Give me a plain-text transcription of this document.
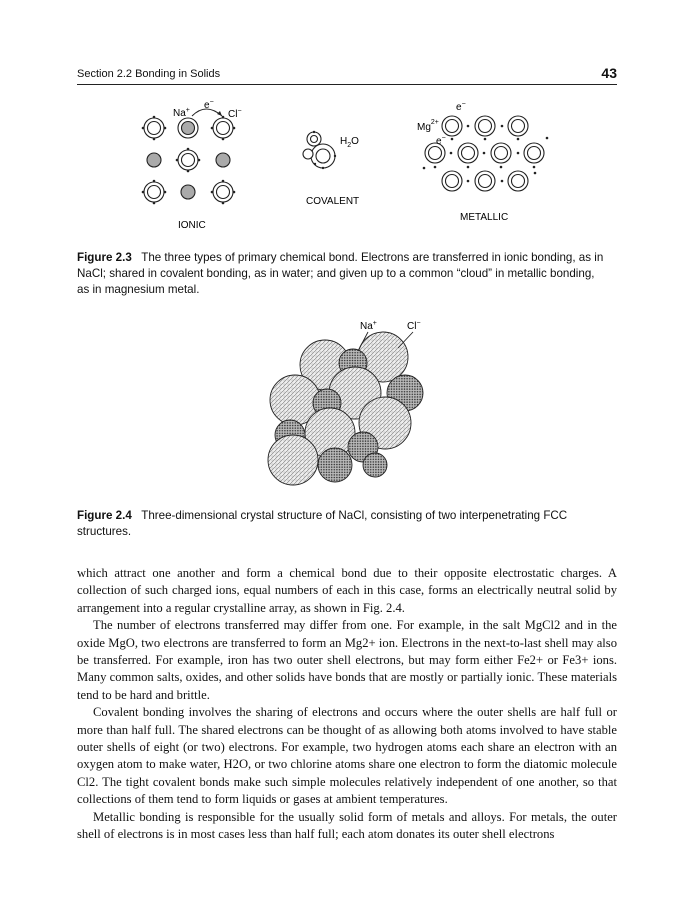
Section 2.2 Bonding in Solids	43
Na+ e−
Cl−
IONIC
$H_2O$
COVALENT
$Mg^{2+}$
e−
e−
METALLIC
Figure 2.3 The three types of primary chemical bond. Electrons are transferred in ionic bonding, as in NaCl; shared in covalent bonding, as in water; and given up to a common “cloud” in metallic bonding, as in magnesium metal.
Na+	Cl−
Figure 2.4 Three-dimensional crystal structure of NaCl, consisting of two interpenetrating FCC structures.

which attract one another and form a chemical bond due to their opposite electrostatic charges. A collection of such charged ions, equal numbers of each in this case, forms an electrically neutral solid by arrangement into a regular crystalline array, as shown in Fig. 2.4.

The number of electrons transferred may differ from one. For example, in the salt MgCl2 and in the oxide MgO, two electrons are transferred to form an Mg2+ ion. Electrons in the next-to-last shell may also be transferred. For example, iron has two outer shell electrons, but may form either Fe2+ or Fe3+ ions. Many common salts, oxides, and other solids have bonds that are mostly or partially ionic. These materials tend to be hard and brittle.

Covalent bonding involves the sharing of electrons and occurs where the outer shells are half full or more than half full. The shared electrons can be thought of as allowing both atoms involved to have stable outer shells of eight (or two) electrons. For example, two hydrogen atoms each share an electron with an oxygen atom to make water, H2O, or two chlorine atoms share one electron to form the diatomic molecule Cl2. The tight covalent bonds make such simple molecules relatively independent of one another, so that collections of them tend to form liquids or gases at ambient temperatures.

Metallic bonding is responsible for the usually solid form of metals and alloys. For metals, the outer shell of electrons is in most cases less than half full; each atom donates its outer shell electrons
